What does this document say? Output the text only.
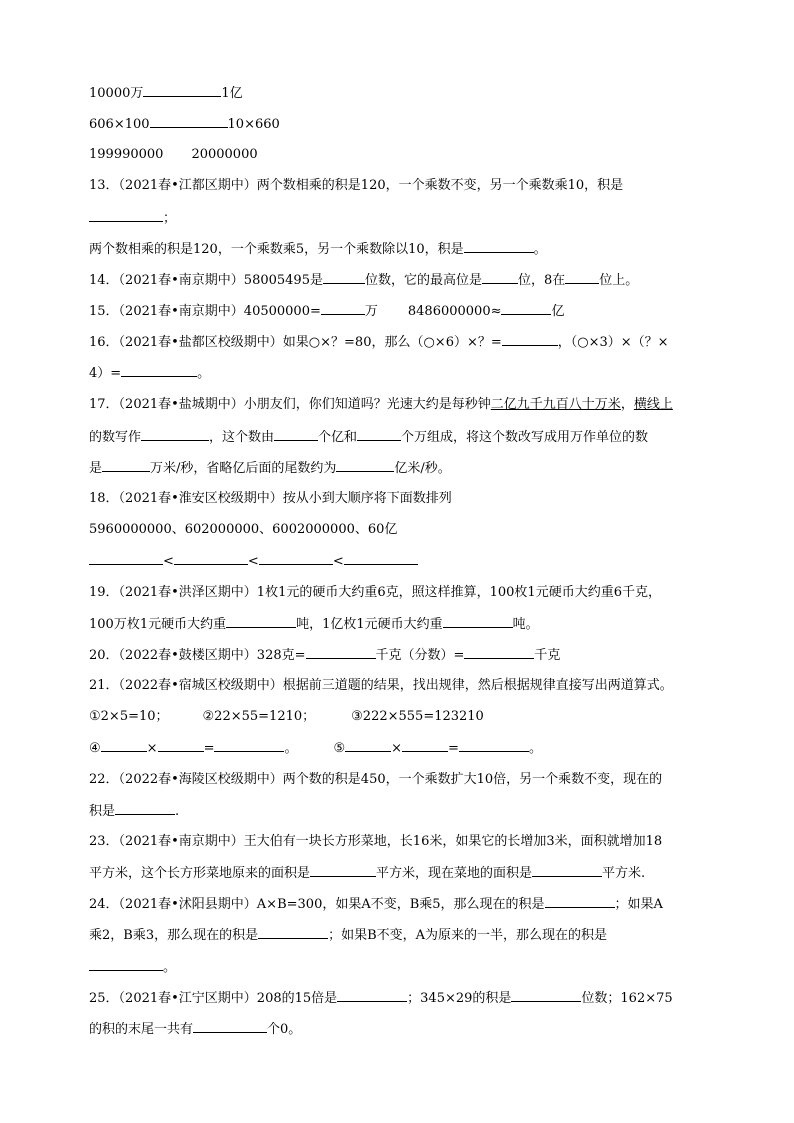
10000万	1亿
606×100	10×660
199990000 20000000
13．（2021春•江都区期中）两个数相乘的积是120，一个乘数不变，另一个乘数乘10，积是
；
两个数相乘的积是120，一个乘数乘5，另一个乘数除以10，积是	。
14．（2021春•南京期中）58005495是	位数，它的最高位是	位，8在	位上。
15．（2021春•南京期中）40500000=	万 8486000000≈	亿
16．（2021春•盐都区校级期中）如果○×？=80，那么（○×6）×？=	，（○×3）×（？×
4）=	。
17．（2021春•盐城期中）小朋友们，你们知道吗？光速大约是每秒钟二亿九千九百八十万米，横线上
的数写作	，这个数由	个亿和	个万组成，将这个数改写成用万作单位的数
是	万米/秒，省略亿后面的尾数约为	亿米/秒。
18．（2021春•淮安区校级期中）按从小到大顺序将下面数排列
5960000000、602000000、6002000000、60亿
<	<	<
19．（2021春•洪泽区期中）1枚1元的硬币大约重6克，照这样推算，100枚1元硬币大约重6千克，
100万枚1元硬币大约重	吨，1亿枚1元硬币大约重	吨。
20．（2022春•鼓楼区期中）328克=	千克（分数）=	千克
21．（2022春•宿城区校级期中）根据前三道题的结果，找出规律，然后根据规律直接写出两道算式。
①2×5=10；	②22×55=1210；	③222×555=123210
④	×	=	。	⑤	×	=	。
22．（2022春•海陵区校级期中）两个数的积是450，一个乘数扩大10倍，另一个乘数不变，现在的
积是	.
23．（2021春•南京期中）王大伯有一块长方形菜地，长16米，如果它的长增加3米，面积就增加18
平方米，这个长方形菜地原来的面积是	平方米，现在菜地的面积是	平方米.
24．（2021春•沭阳县期中）A×B=300，如果A不变，B乘5，那么现在的积是	；如果A
乘2，B乘3，那么现在的积是	；如果B不变，A为原来的一半，那么现在的积是
。
25．（2021春•江宁区期中）208的15倍是	；345×29的积是	位数；162×75
的积的末尾一共有	个0。
